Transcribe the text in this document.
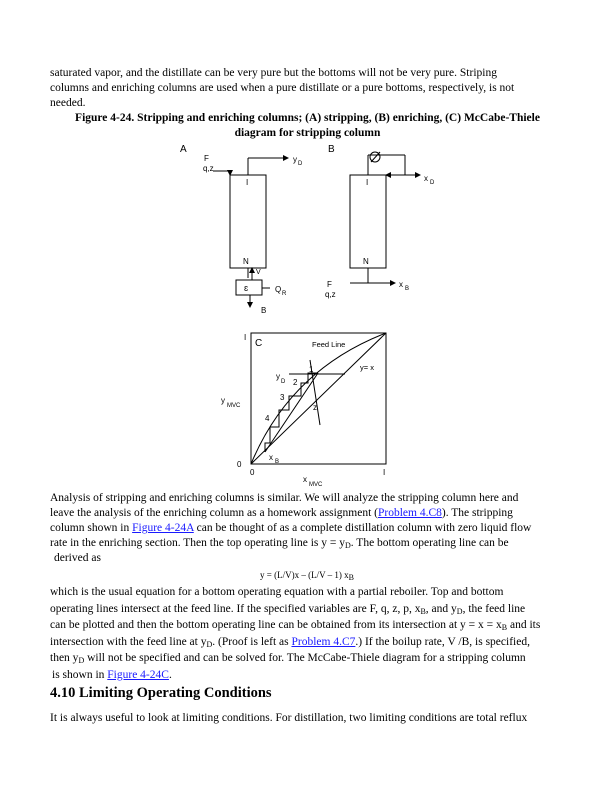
saturated vapor, and the distillate can be very pure but the bottoms will not be very pure. Striping
columns and enriching columns are used when a pure distillate or a pure bottoms, respectively, is not
needed.
Figure 4-24. Stripping and enriching columns; (A) stripping, (B) enriching, (C) McCabe-Thiele
diagram for stripping column
A
F
q,z
y D
I
N
V
ɛ	Q R
B
B
I
N
x D
F
q,z
x B
C	Feed Line
y= x
1
2
3
4
y
D
z
y
MVC
x B
0
0
I
I
x
MVC
Analysis of stripping and enriching columns is similar. We will analyze the stripping column here and
leave the analysis of the enriching column as a homework assignment (Problem 4.C8). The stripping
column shown in Figure 4-24A can be thought of as a complete distillation column with zero liquid flow
rate in the enriching section. Then the top operating line is $y = y_D$. The bottom operating line can be
derived as
y = (L/V)x – (L/V – 1) $x_B$
which is the usual equation for a bottom operating equation with a partial reboiler. Top and bottom
operating lines intersect at the feed line. If the specified variables are F, q, z, p, $x_B$, and $y_D$, the feed line
can be plotted and then the bottom operating line can be obtained from its intersection at $y = x = x_B$ and its
intersection with the feed line at $y_D$. (Proof is left as Problem 4.C7.) If the boilup rate, V /B, is specified,
then $y_D$ will not be specified and can be solved for. The McCabe-Thiele diagram for a stripping column
is shown in Figure 4-24C.
4.10 Limiting Operating Conditions
It is always useful to look at limiting conditions. For distillation, two limiting conditions are total reflux
